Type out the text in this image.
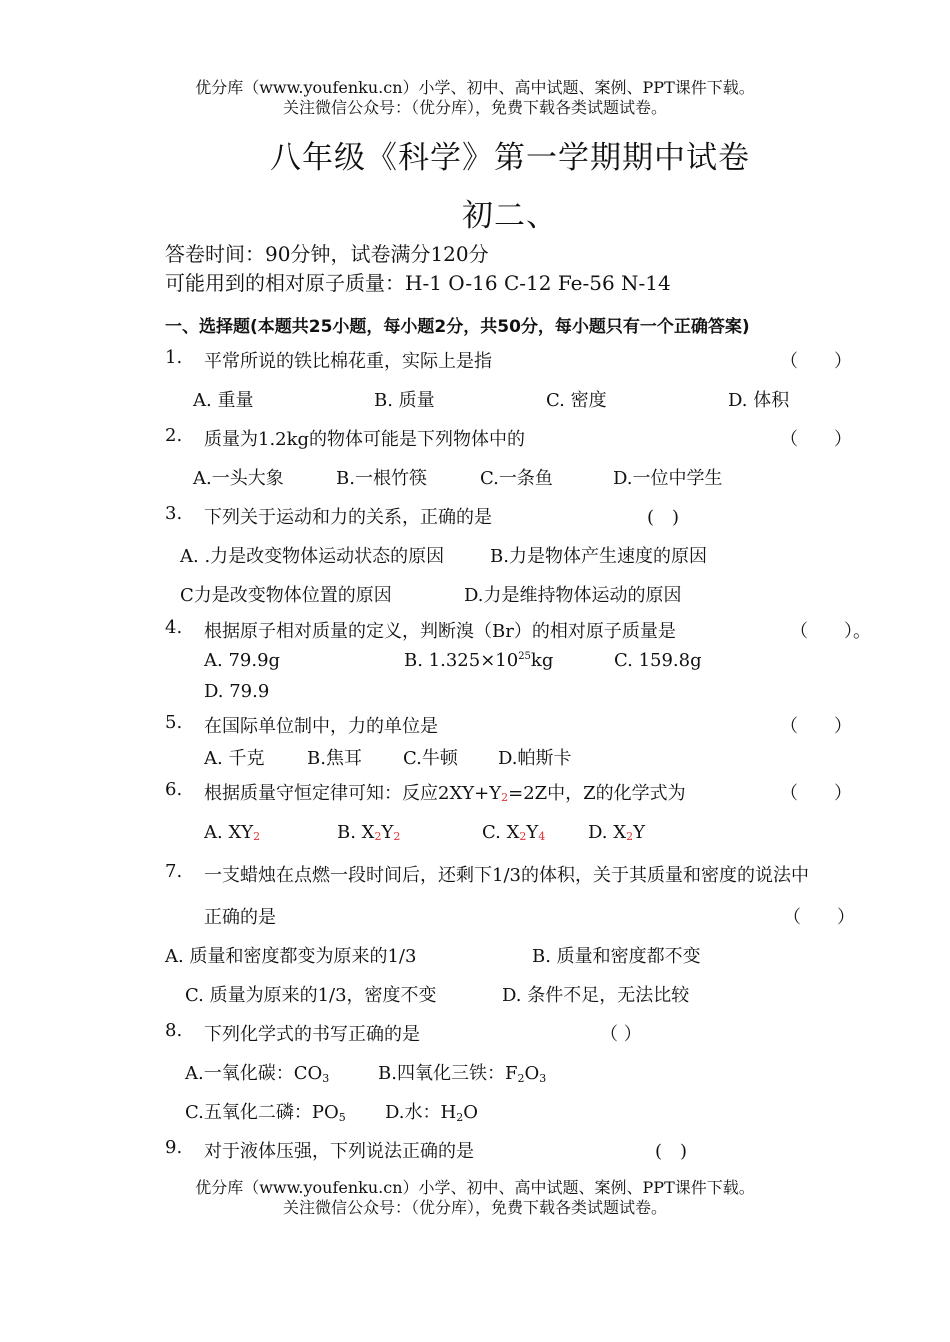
优分库（www.youfenku.cn）小学、初中、高中试题、案例、PPT课件下载。
关注微信公众号：（优分库），免费下载各类试题试卷。
八年级《科学》第一学期期中试卷
初二、
答卷时间：90分钟，试卷满分120分
可能用到的相对原子质量：H-1 O-16 C-12 Fe-56 N-14
一、选择题(本题共25小题，每小题2分，共50分，每小题只有一个正确答案)
1. 平常所说的铁比棉花重，实际上是指	（　　）
A. 重量	B. 质量	C. 密度	D. 体积
2. 质量为1.2kg的物体可能是下列物体中的	（　　）
A.一头大象	B.一根竹筷	C.一条鱼	D.一位中学生
3. 下列关于运动和力的关系，正确的是	(　)
A. .力是改变物体运动状态的原因	B.力是物体产生速度的原因
C力是改变物体位置的原因	D.力是维持物体运动的原因
4. 根据原子相对质量的定义，判断溴（Br）的相对原子质量是	（　　）。
A. 79.9g	B. $1.325\times 10^{25}kg$	C. 159.8g
D. 79.9
5. 在国际单位制中，力的单位是	（　　）
A. 千克 B.焦耳 C.牛顿 D.帕斯卡
6. 根据质量守恒定律可知：反应2XY+Y2=2Z中，Z的化学式为	（　　）
A. XY2	B. X2Y2	C. X2Y4 D. X2Y
7. 一支蜡烛在点燃一段时间后，还剩下1/3的体积，关于其质量和密度的说法中
正确的是	（　　）
A. 质量和密度都变为原来的1/3	B. 质量和密度都不变
C. 质量为原来的1/3，密度不变	D. 条件不足，无法比较
8. 下列化学式的书写正确的是	（ ）
A.一氧化碳：$CO_3$	B.四氧化三铁：$F_2O_3$
C.五氧化二磷：$PO_5$ D.水：$H_2O$
9. 对于液体压强，下列说法正确的是	(　)
优分库（www.youfenku.cn）小学、初中、高中试题、案例、PPT课件下载。
关注微信公众号：（优分库），免费下载各类试题试卷。
